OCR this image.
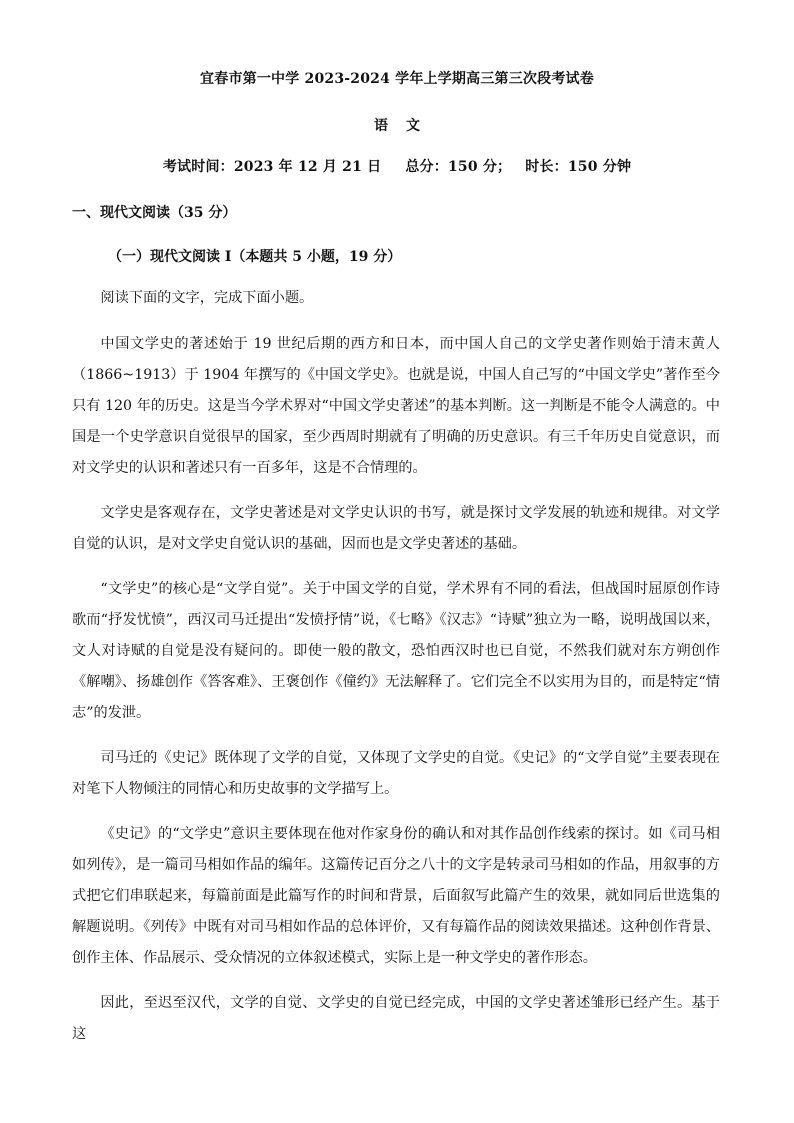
宜春市第一中学 2023-2024 学年上学期高三第三次段考试卷
语文
考试时间：2023 年 12 月 21 日 总分：150 分； 时长：150 分钟
一、现代文阅读（35 分）
（一）现代文阅读 I（本题共 5 小题，19 分）

阅读下面的文字，完成下面小题。

中国文学史的著述始于 19 世纪后期的西方和日本，而中国人自己的文学史著作则始于清末黄人（1866~1913）于 1904 年撰写的《中国文学史》。也就是说，中国人自己写的“中国文学史”著作至今只有 120 年的历史。这是当今学术界对“中国文学史著述”的基本判断。这一判断是不能令人满意的。中国是一个史学意识自觉很早的国家，至少西周时期就有了明确的历史意识。有三千年历史自觉意识，而对文学史的认识和著述只有一百多年，这是不合情理的。

文学史是客观存在，文学史著述是对文学史认识的书写，就是探讨文学发展的轨迹和规律。对文学自觉的认识，是对文学史自觉认识的基础，因而也是文学史著述的基础。

“文学史”的核心是“文学自觉”。关于中国文学的自觉，学术界有不同的看法，但战国时屈原创作诗歌而“抒发忧愤”，西汉司马迁提出“发愤抒情”说，《七略》《汉志》“诗赋”独立为一略，说明战国以来，文人对诗赋的自觉是没有疑问的。即使一般的散文，恐怕西汉时也已自觉，不然我们就对东方朔创作《解嘲》、扬雄创作《答客难》、王褒创作《僮约》无法解释了。它们完全不以实用为目的，而是特定“情志”的发泄。

司马迁的《史记》既体现了文学的自觉，又体现了文学史的自觉。《史记》的“文学自觉”主要表现在对笔下人物倾注的同情心和历史故事的文学描写上。

《史记》的“文学史”意识主要体现在他对作家身份的确认和对其作品创作线索的探讨。如《司马相如列传》，是一篇司马相如作品的编年。这篇传记百分之八十的文字是转录司马相如的作品，用叙事的方式把它们串联起来，每篇前面是此篇写作的时间和背景，后面叙写此篇产生的效果，就如同后世选集的解题说明。《列传》中既有对司马相如作品的总体评价，又有每篇作品的阅读效果描述。这种创作背景、创作主体、作品展示、受众情况的立体叙述模式，实际上是一种文学史的著作形态。

因此，至迟至汉代，文学的自觉、文学史的自觉已经完成，中国的文学史著述雏形已经产生。基于这
